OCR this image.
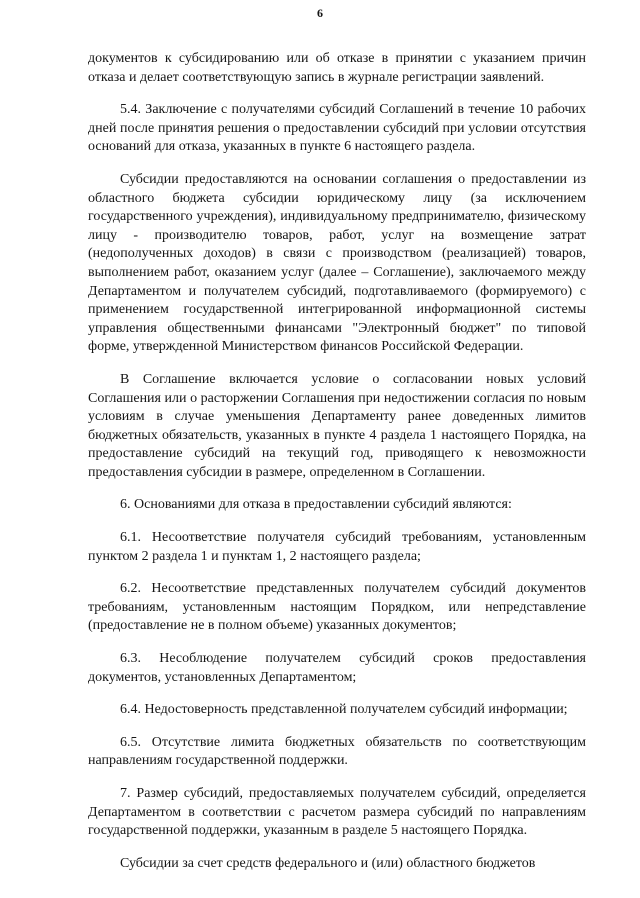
6

документов к субсидированию или об отказе в принятии с указанием причин отказа и делает соответствующую запись в журнале регистрации заявлений.

5.4. Заключение с получателями субсидий Соглашений в течение 10 рабочих дней после принятия решения о предоставлении субсидий при условии отсутствия оснований для отказа, указанных в пункте 6 настоящего раздела.

Субсидии предоставляются на основании соглашения о предоставлении из областного бюджета субсидии юридическому лицу (за исключением государственного учреждения), индивидуальному предпринимателю, физическому лицу - производителю товаров, работ, услуг на возмещение затрат (недополученных доходов) в связи с производством (реализацией) товаров, выполнением работ, оказанием услуг (далее – Соглашение), заключаемого между Департаментом и получателем субсидий, подготавливаемого (формируемого) с применением государственной интегрированной информационной системы управления общественными финансами "Электронный бюджет" по типовой форме, утвержденной Министерством финансов Российской Федерации.

В Соглашение включается условие о согласовании новых условий Соглашения или о расторжении Соглашения при недостижении согласия по новым условиям в случае уменьшения Департаменту ранее доведенных лимитов бюджетных обязательств, указанных в пункте 4 раздела 1 настоящего Порядка, на предоставление субсидий на текущий год, приводящего к невозможности предоставления субсидии в размере, определенном в Соглашении.

6. Основаниями для отказа в предоставлении субсидий являются:

6.1. Несоответствие получателя субсидий требованиям, установленным пунктом 2 раздела 1 и пунктам 1, 2 настоящего раздела;

6.2. Несоответствие представленных получателем субсидий документов требованиям, установленным настоящим Порядком, или непредставление (предоставление не в полном объеме) указанных документов;

6.3. Несоблюдение получателем субсидий сроков предоставления документов, установленных Департаментом;

6.4. Недостоверность представленной получателем субсидий информации;

6.5. Отсутствие лимита бюджетных обязательств по соответствующим направлениям государственной поддержки.

7. Размер субсидий, предоставляемых получателем субсидий, определяется Департаментом в соответствии с расчетом размера субсидий по направлениям государственной поддержки, указанным в разделе 5 настоящего Порядка.

Субсидии за счет средств федерального и (или) областного бюджетов
